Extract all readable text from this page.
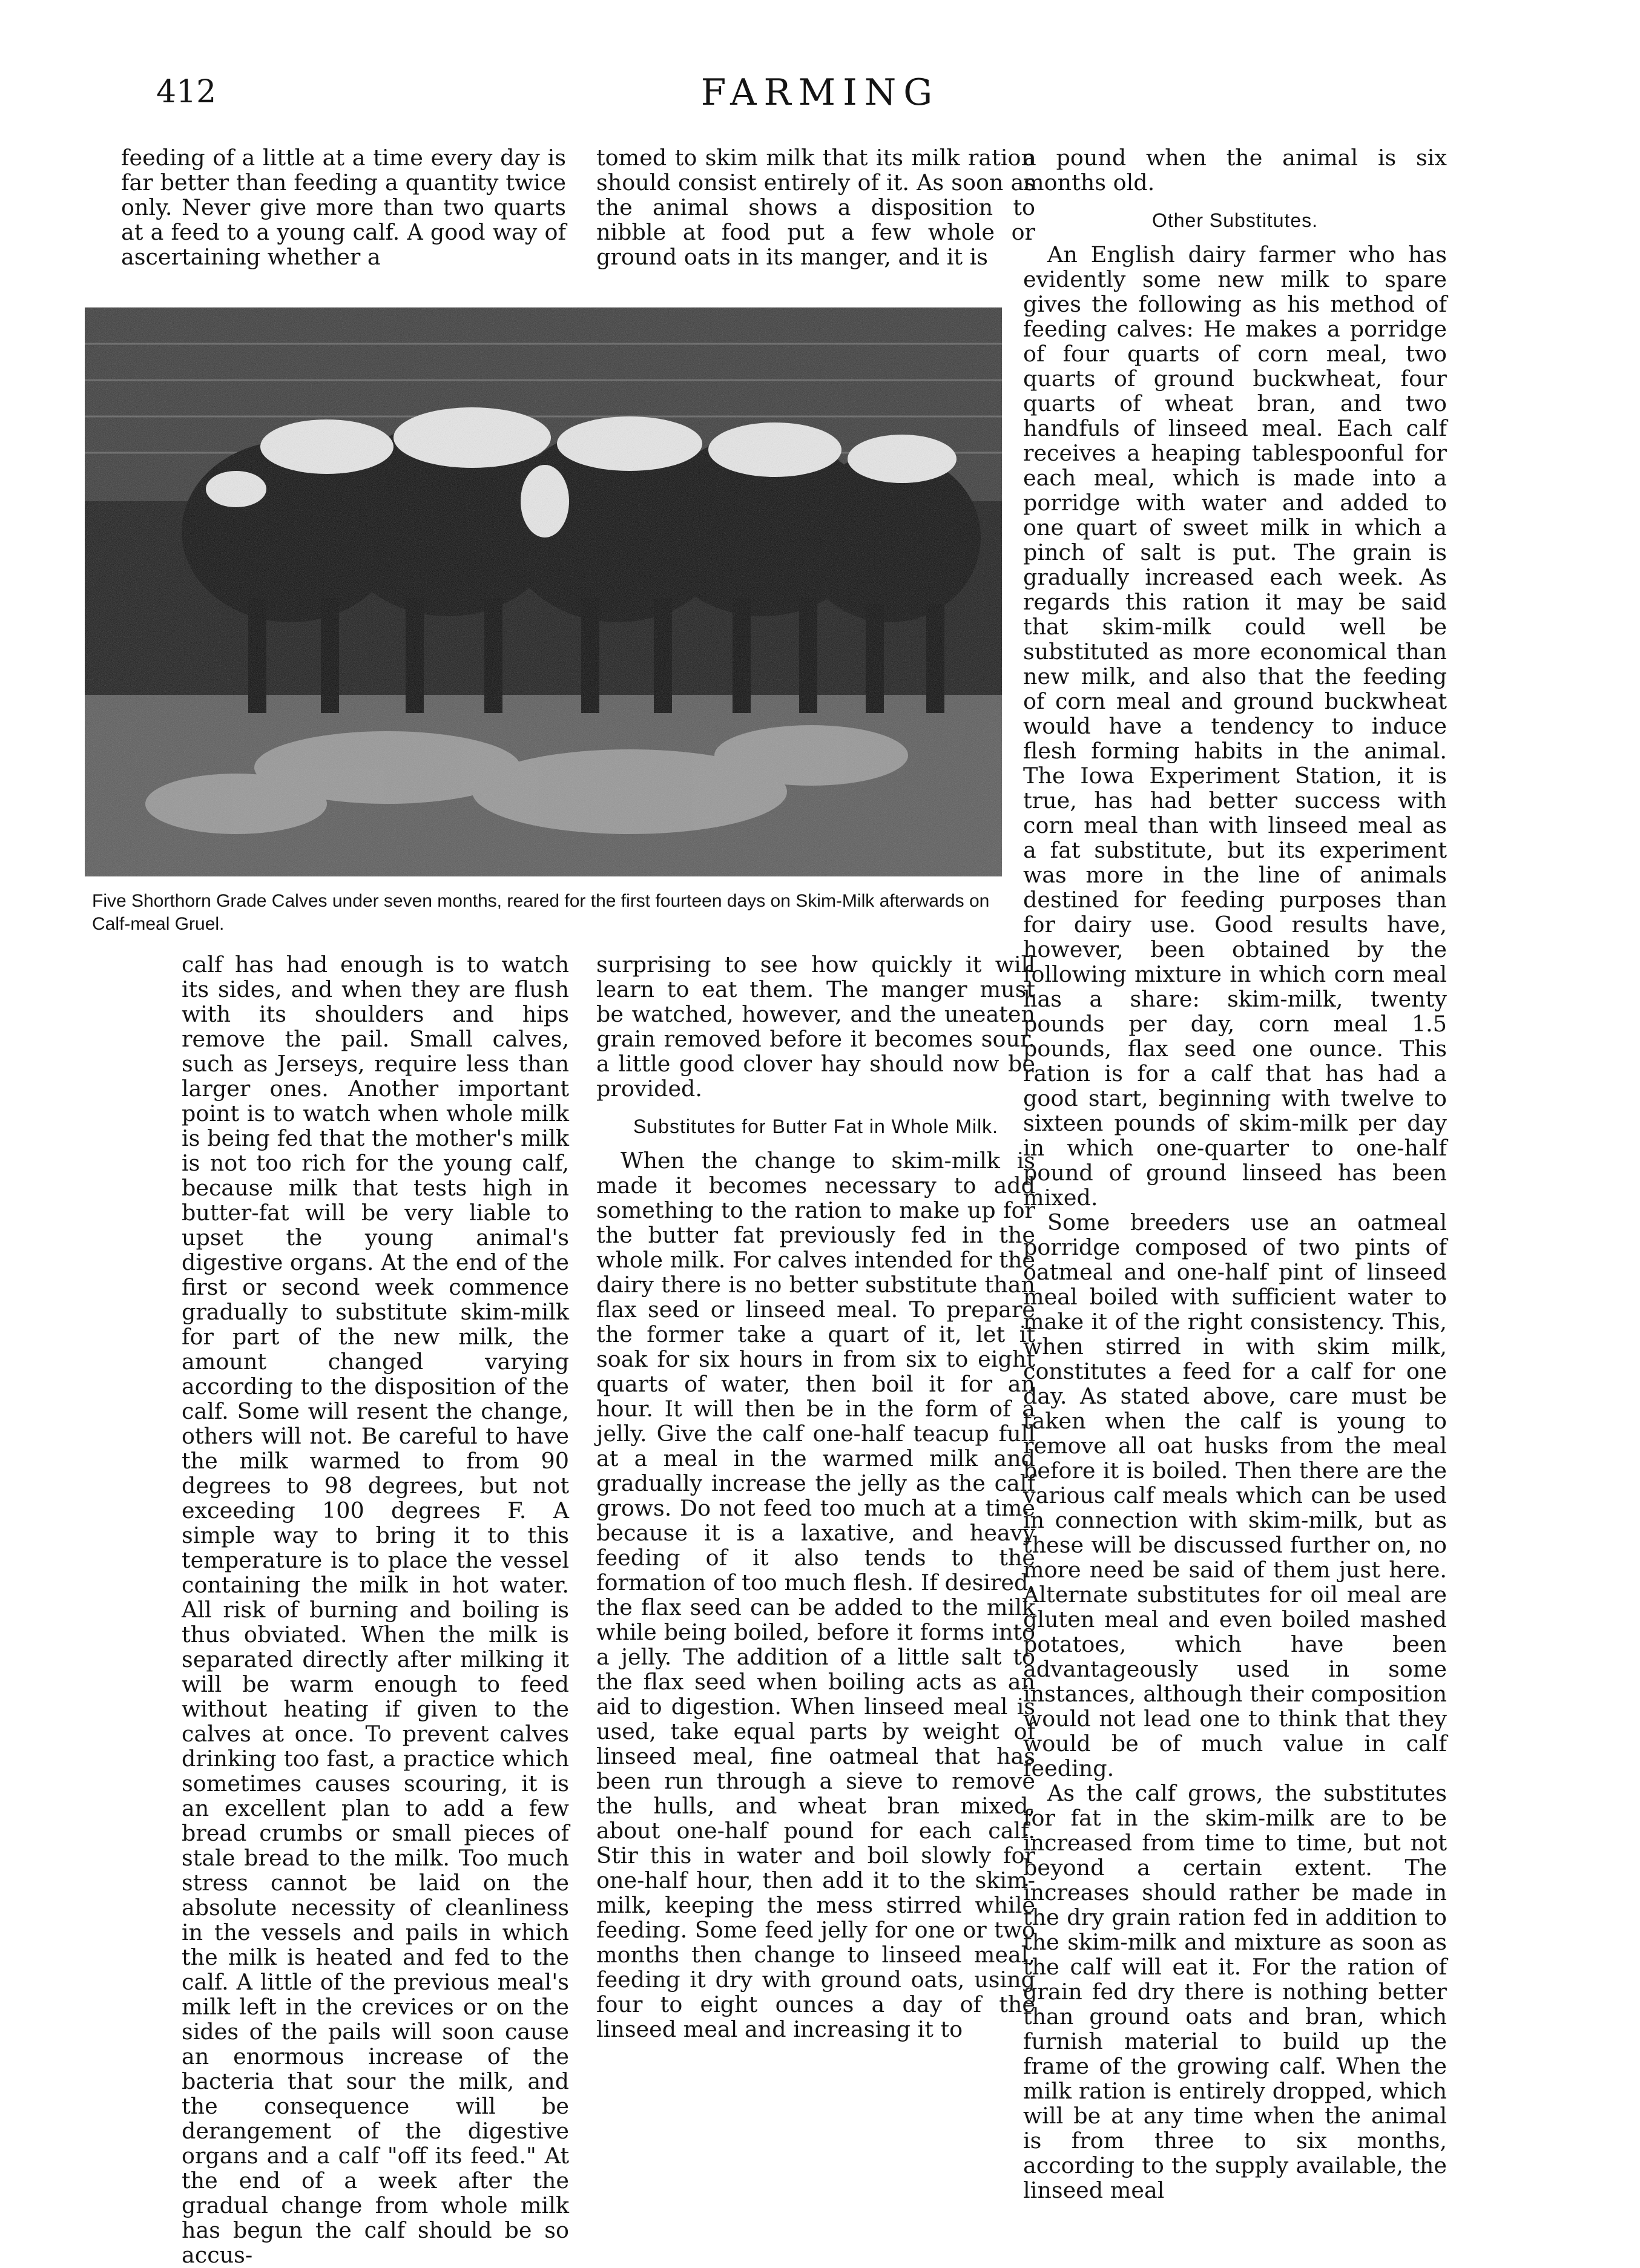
412	FARMING

feeding of a little at a time every day is far better than feeding a quantity twice only. Never give more than two quarts at a feed to a young calf. A good way of ascertaining whether a

tomed to skim milk that its milk ration should consist entirely of it. As soon as the animal shows a disposition to nibble at food put a few whole or ground oats in its manger, and it is

Five Shorthorn Grade Calves under seven months, reared for the first fourteen days on Skim-Milk afterwards on Calf-meal Gruel.

calf has had enough is to watch its sides, and when they are flush with its shoulders and hips remove the pail. Small calves, such as Jerseys, require less than larger ones. Another important point is to watch when whole milk is being fed that the mother's milk is not too rich for the young calf, because milk that tests high in butter-fat will be very liable to upset the young animal's digestive organs. At the end of the first or second week commence gradually to substitute skim-milk for part of the new milk, the amount changed varying according to the disposition of the calf. Some will resent the change, others will not. Be careful to have the milk warmed to from 90 degrees to 98 degrees, but not exceeding 100 degrees F. A simple way to bring it to this temperature is to place the vessel containing the milk in hot water. All risk of burning and boiling is thus obviated. When the milk is separated directly after milking it will be warm enough to feed without heating if given to the calves at once. To prevent calves drinking too fast, a practice which sometimes causes scouring, it is an excellent plan to add a few bread crumbs or small pieces of stale bread to the milk. Too much stress cannot be laid on the absolute necessity of cleanliness in the vessels and pails in which the milk is heated and fed to the calf. A little of the previous meal's milk left in the crevices or on the sides of the pails will soon cause an enormous increase of the bacteria that sour the milk, and the consequence will be derangement of the digestive organs and a calf "off its feed." At the end of a week after the gradual change from whole milk has begun the calf should be so accus-

surprising to see how quickly it will learn to eat them. The manger must be watched, however, and the uneaten grain removed before it becomes sour. a little good clover hay should now be provided.

Substitutes for Butter Fat in Whole Milk.

When the change to skim-milk is made it becomes necessary to add something to the ration to make up for the butter fat previously fed in the whole milk. For calves intended for the dairy there is no better substitute than flax seed or linseed meal. To prepare the former take a quart of it, let it soak for six hours in from six to eight quarts of water, then boil it for an hour. It will then be in the form of a jelly. Give the calf one-half teacup full at a meal in the warmed milk and gradually increase the jelly as the calf grows. Do not feed too much at a time because it is a laxative, and heavy feeding of it also tends to the formation of too much flesh. If desired, the flax seed can be added to the milk while being boiled, before it forms into a jelly. The addition of a little salt to the flax seed when boiling acts as an aid to digestion. When linseed meal is used, take equal parts by weight of linseed meal, fine oatmeal that has been run through a sieve to remove the hulls, and wheat bran mixed, about one-half pound for each calf. Stir this in water and boil slowly for one-half hour, then add it to the skim-milk, keeping the mess stirred while feeding. Some feed jelly for one or two months then change to linseed meal, feeding it dry with ground oats, using four to eight ounces a day of the linseed meal and increasing it to

a pound when the animal is six months old.

Other Substitutes.

An English dairy farmer who has evidently some new milk to spare gives the following as his method of feeding calves: He makes a porridge of four quarts of corn meal, two quarts of ground buckwheat, four quarts of wheat bran, and two handfuls of linseed meal. Each calf receives a heaping tablespoonful for each meal, which is made into a porridge with water and added to one quart of sweet milk in which a pinch of salt is put. The grain is gradually increased each week. As regards this ration it may be said that skim-milk could well be substituted as more economical than new milk, and also that the feeding of corn meal and ground buckwheat would have a tendency to induce flesh forming habits in the animal. The Iowa Experiment Station, it is true, has had better success with corn meal than with linseed meal as a fat substitute, but its experiment was more in the line of animals destined for feeding purposes than for dairy use. Good results have, however, been obtained by the following mixture in which corn meal has a share: skim-milk, twenty pounds per day, corn meal 1.5 pounds, flax seed one ounce. This ration is for a calf that has had a good start, beginning with twelve to sixteen pounds of skim-milk per day in which one-quarter to one-half pound of ground linseed has been mixed.

Some breeders use an oatmeal porridge composed of two pints of oatmeal and one-half pint of linseed meal boiled with sufficient water to make it of the right consistency. This, when stirred in with skim milk, constitutes a feed for a calf for one day. As stated above, care must be taken when the calf is young to remove all oat husks from the meal before it is boiled. Then there are the various calf meals which can be used in connection with skim-milk, but as these will be discussed further on, no more need be said of them just here. Alternate substitutes for oil meal are gluten meal and even boiled mashed potatoes, which have been advantageously used in some instances, although their composition would not lead one to think that they would be of much value in calf feeding.

As the calf grows, the substitutes for fat in the skim-milk are to be increased from time to time, but not beyond a certain extent. The increases should rather be made in the dry grain ration fed in addition to the skim-milk and mixture as soon as the calf will eat it. For the ration of grain fed dry there is nothing better than ground oats and bran, which furnish material to build up the frame of the growing calf. When the milk ration is entirely dropped, which will be at any time when the animal is from three to six months, according to the supply available, the linseed meal
